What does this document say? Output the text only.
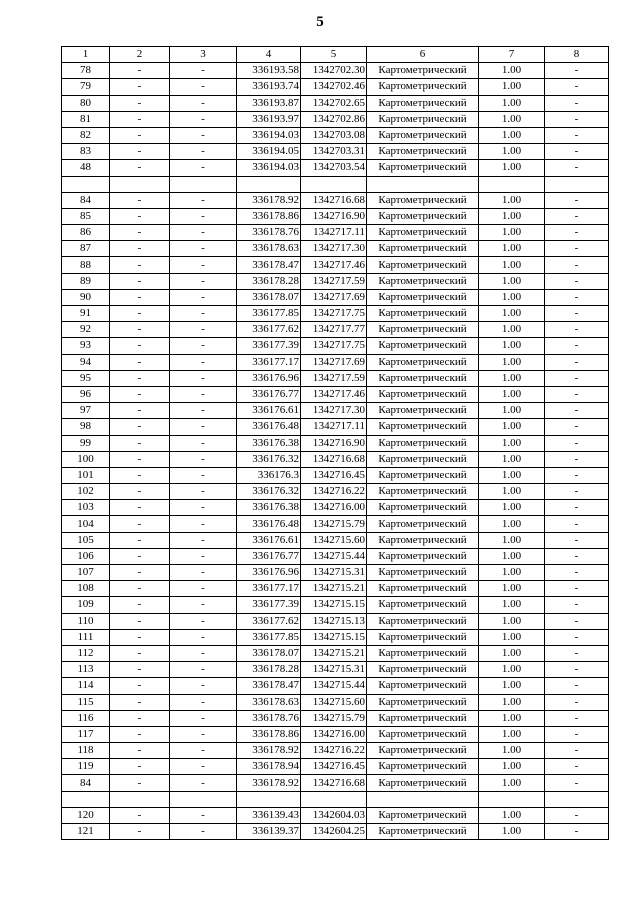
5
1	2	3	4	5	6	7	8
78	-	-	336193.58	1342702.30	Картометрический	1.00	-
79	-	-	336193.74	1342702.46	Картометрический	1.00	-
80	-	-	336193.87	1342702.65	Картометрический	1.00	-
81	-	-	336193.97	1342702.86	Картометрический	1.00	-
82	-	-	336194.03	1342703.08	Картометрический	1.00	-
83	-	-	336194.05	1342703.31	Картометрический	1.00	-
48	-	-	336194.03	1342703.54	Картометрический	1.00	-

84	-	-	336178.92	1342716.68	Картометрический	1.00	-
85	-	-	336178.86	1342716.90	Картометрический	1.00	-
86	-	-	336178.76	1342717.11	Картометрический	1.00	-
87	-	-	336178.63	1342717.30	Картометрический	1.00	-
88	-	-	336178.47	1342717.46	Картометрический	1.00	-
89	-	-	336178.28	1342717.59	Картометрический	1.00	-
90	-	-	336178.07	1342717.69	Картометрический	1.00	-
91	-	-	336177.85	1342717.75	Картометрический	1.00	-
92	-	-	336177.62	1342717.77	Картометрический	1.00	-
93	-	-	336177.39	1342717.75	Картометрический	1.00	-
94	-	-	336177.17	1342717.69	Картометрический	1.00	-
95	-	-	336176.96	1342717.59	Картометрический	1.00	-
96	-	-	336176.77	1342717.46	Картометрический	1.00	-
97	-	-	336176.61	1342717.30	Картометрический	1.00	-
98	-	-	336176.48	1342717.11	Картометрический	1.00	-
99	-	-	336176.38	1342716.90	Картометрический	1.00	-
100	-	-	336176.32	1342716.68	Картометрический	1.00	-
101	-	-	336176.3	1342716.45	Картометрический	1.00	-
102	-	-	336176.32	1342716.22	Картометрический	1.00	-
103	-	-	336176.38	1342716.00	Картометрический	1.00	-
104	-	-	336176.48	1342715.79	Картометрический	1.00	-
105	-	-	336176.61	1342715.60	Картометрический	1.00	-
106	-	-	336176.77	1342715.44	Картометрический	1.00	-
107	-	-	336176.96	1342715.31	Картометрический	1.00	-
108	-	-	336177.17	1342715.21	Картометрический	1.00	-
109	-	-	336177.39	1342715.15	Картометрический	1.00	-
110	-	-	336177.62	1342715.13	Картометрический	1.00	-
111	-	-	336177.85	1342715.15	Картометрический	1.00	-
112	-	-	336178.07	1342715.21	Картометрический	1.00	-
113	-	-	336178.28	1342715.31	Картометрический	1.00	-
114	-	-	336178.47	1342715.44	Картометрический	1.00	-
115	-	-	336178.63	1342715.60	Картометрический	1.00	-
116	-	-	336178.76	1342715.79	Картометрический	1.00	-
117	-	-	336178.86	1342716.00	Картометрический	1.00	-
118	-	-	336178.92	1342716.22	Картометрический	1.00	-
119	-	-	336178.94	1342716.45	Картометрический	1.00	-
84	-	-	336178.92	1342716.68	Картометрический	1.00	-

120	-	-	336139.43	1342604.03	Картометрический	1.00	-
121	-	-	336139.37	1342604.25	Картометрический	1.00	-
